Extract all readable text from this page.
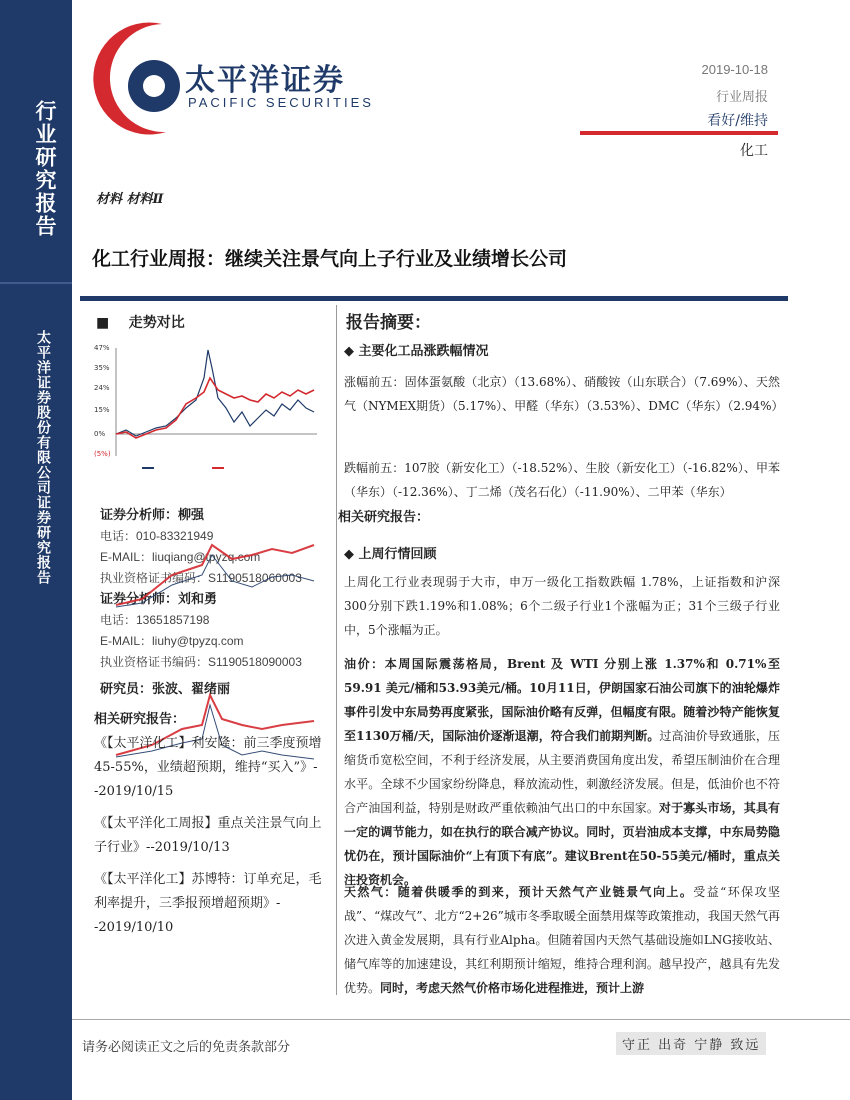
行业研究报告
太平洋证券股份有限公司证券研究报告
太平洋证券
PACIFIC SECURITIES
2019-10-18
行业周报
看好/维持
化工
材料 材料Ⅱ
化工行业周报：继续关注景气向上子行业及业绩增长公司
■    走势对比
47%
35%
24%
15%
0%
(5%)
证券分析师：柳强
电话：010-83321949
E-MAIL：liuqiang@tpyzq.com
执业资格证书编码：S1190518060003
证券分析师：刘和勇
电话：13651857198
E-MAIL：liuhy@tpyzq.com
执业资格证书编码：S1190518090003
研究员：张波、翟绪丽
相关研究报告：

《【太平洋化工】利安隆：前三季度预增45-55%，业绩超预期，维持“买入”》--2019/10/15

《【太平洋化工周报】重点关注景气向上子行业》--2019/10/13

《【太平洋化工】苏博特：订单充足，毛利率提升，三季报预增超预期》--2019/10/10

报告摘要：
◆ 主要化工品涨跌幅情况
涨幅前五：固体蛋氨酸（北京）（13.68%）、硝酸铵（山东联合）（7.69%）、天然气（NYMEX期货）（5.17%）、甲醛（华东）（3.53%）、DMC（华东）（2.94%）
跌幅前五：107胶（新安化工）（-18.52%）、生胶（新安化工）（-16.82%）、甲苯（华东）（-12.36%）、丁二烯（茂名石化）（-11.90%）、二甲苯（华东）
相关研究报告：
◆ 上周行情回顾
上周化工行业表现弱于大市，申万一级化工指数跌幅 1.78%，上证指数和沪深300分别下跌1.19%和1.08%；6个二级子行业1个涨幅为正；31个三级子行业中，5个涨幅为正。
油价：本周国际震荡格局，Brent 及 WTI 分别上涨 1.37%和 0.71%至 59.91 美元/桶和53.93美元/桶。10月11日，伊朗国家石油公司旗下的油轮爆炸事件引发中东局势再度紧张，国际油价略有反弹，但幅度有限。随着沙特产能恢复至1130万桶/天，国际油价逐渐退潮，符合我们前期判断。过高油价导致通胀，压缩货币宽松空间，不利于经济发展，从主要消费国角度出发，希望压制油价在合理水平。全球不少国家纷纷降息，释放流动性，刺激经济发展。但是，低油价也不符合产油国利益，特别是财政严重依赖油气出口的中东国家。对于寡头市场，其具有一定的调节能力，如在执行的联合减产协议。同时，页岩油成本支撑，中东局势隐忧仍在，预计国际油价“上有顶下有底”。建议Brent在50-55美元/桶时，重点关注投资机会。
天然气：随着供暖季的到来，预计天然气产业链景气向上。受益“环保攻坚战”、“煤改气”、北方“2+26”城市冬季取暖全面禁用煤等政策推动，我国天然气再次进入黄金发展期，具有行业Alpha。但随着国内天然气基础设施如LNG接收站、储气库等的加速建设，其红利期预计缩短，维持合理利润。越早投产，越具有先发优势。同时，考虑天然气价格市场化进程推进，预计上游
请务必阅读正文之后的免责条款部分	守正 出奇 宁静 致远
